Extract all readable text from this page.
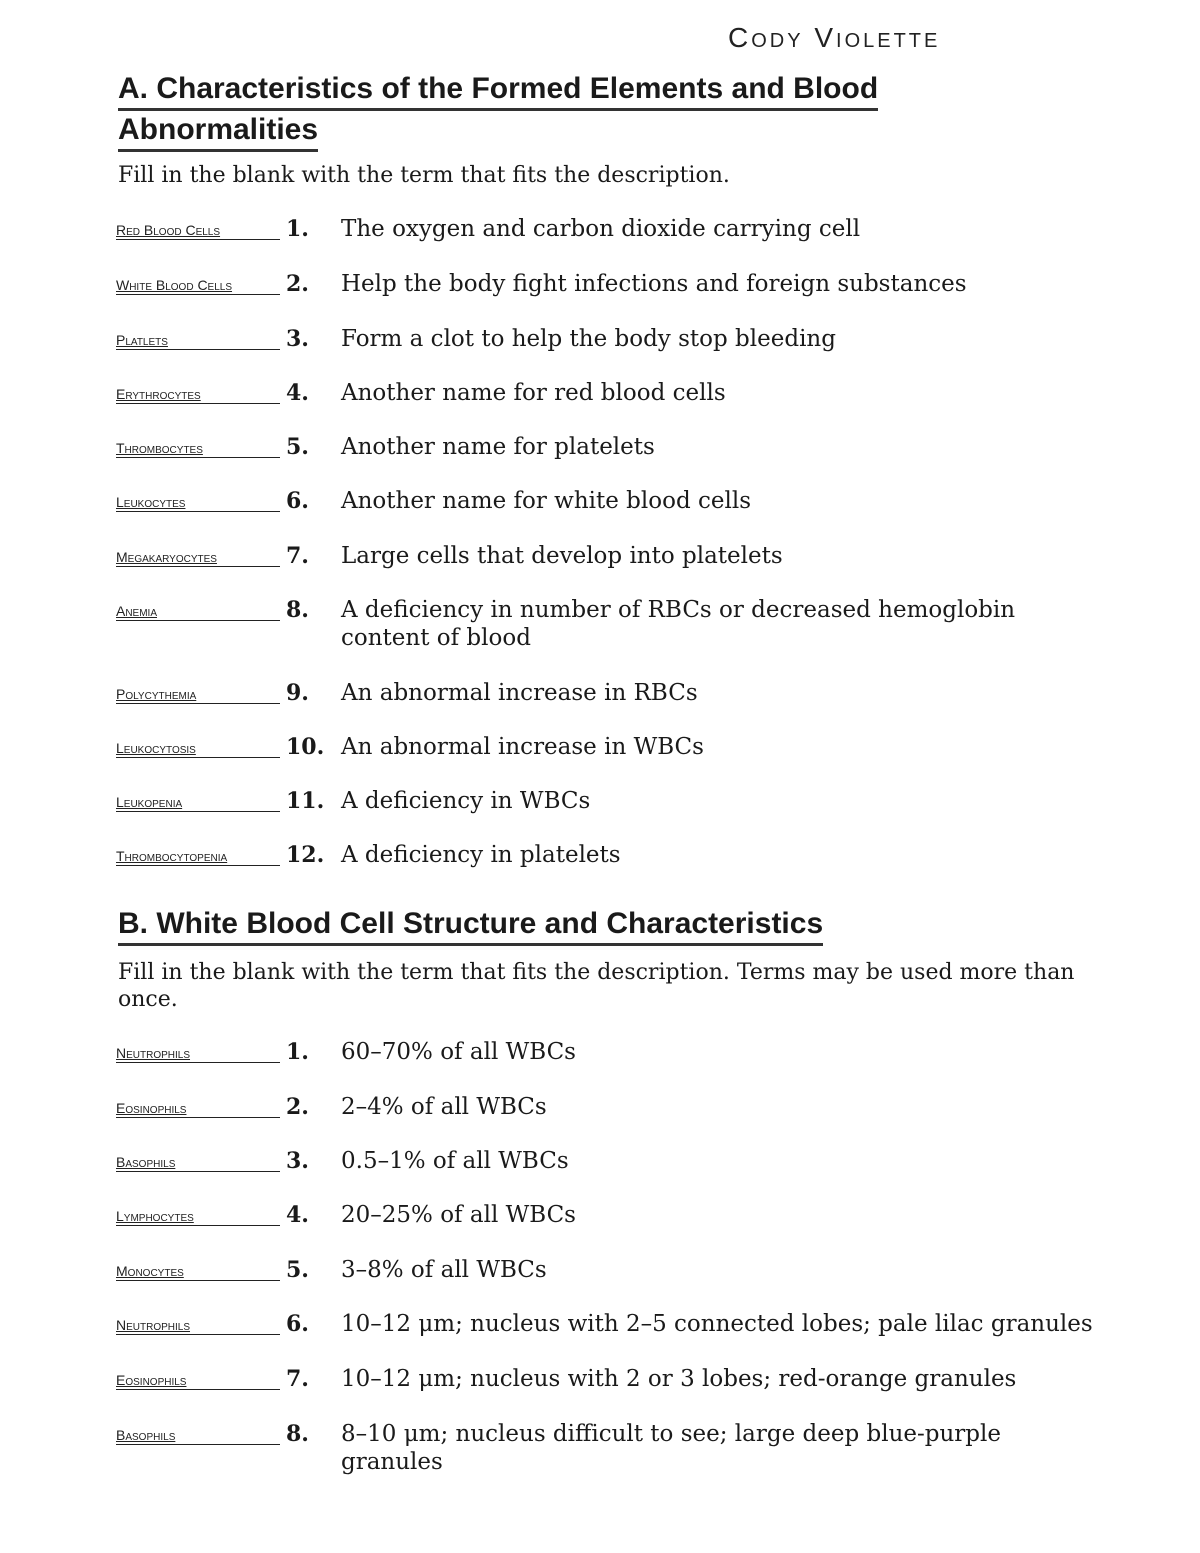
Cody Violette
A. Characteristics of the Formed Elements and Blood
Abnormalities
Fill in the blank with the term that fits the description.
Red Blood Cells	1. The oxygen and carbon dioxide carrying cell
White Blood Cells	2. Help the body fight infections and foreign substances
Platlets	3. Form a clot to help the body stop bleeding
Erythrocytes	4. Another name for red blood cells
Thrombocytes	5. Another name for platelets
Leukocytes	6. Another name for white blood cells
Megakaryocytes	7. Large cells that develop into platelets
Anemia	8. A deficiency in number of RBCs or decreased hemoglobin content of blood
Polycythemia	9. An abnormal increase in RBCs
Leukocytosis	10. An abnormal increase in WBCs
Leukopenia	11. A deficiency in WBCs
Thrombocytopenia	12. A deficiency in platelets
B. White Blood Cell Structure and Characteristics
Fill in the blank with the term that fits the description. Terms may be used more than once.
Neutrophils	1. 60–70% of all WBCs
Eosinophils	2. 2–4% of all WBCs
Basophils	3. 0.5–1% of all WBCs
Lymphocytes	4. 20–25% of all WBCs
Monocytes	5. 3–8% of all WBCs
Neutrophils	6. 10–12 μm; nucleus with 2–5 connected lobes; pale lilac granules
Eosinophils	7. 10–12 μm; nucleus with 2 or 3 lobes; red-orange granules
Basophils	8. 8–10 μm; nucleus difficult to see; large deep blue-purple granules
